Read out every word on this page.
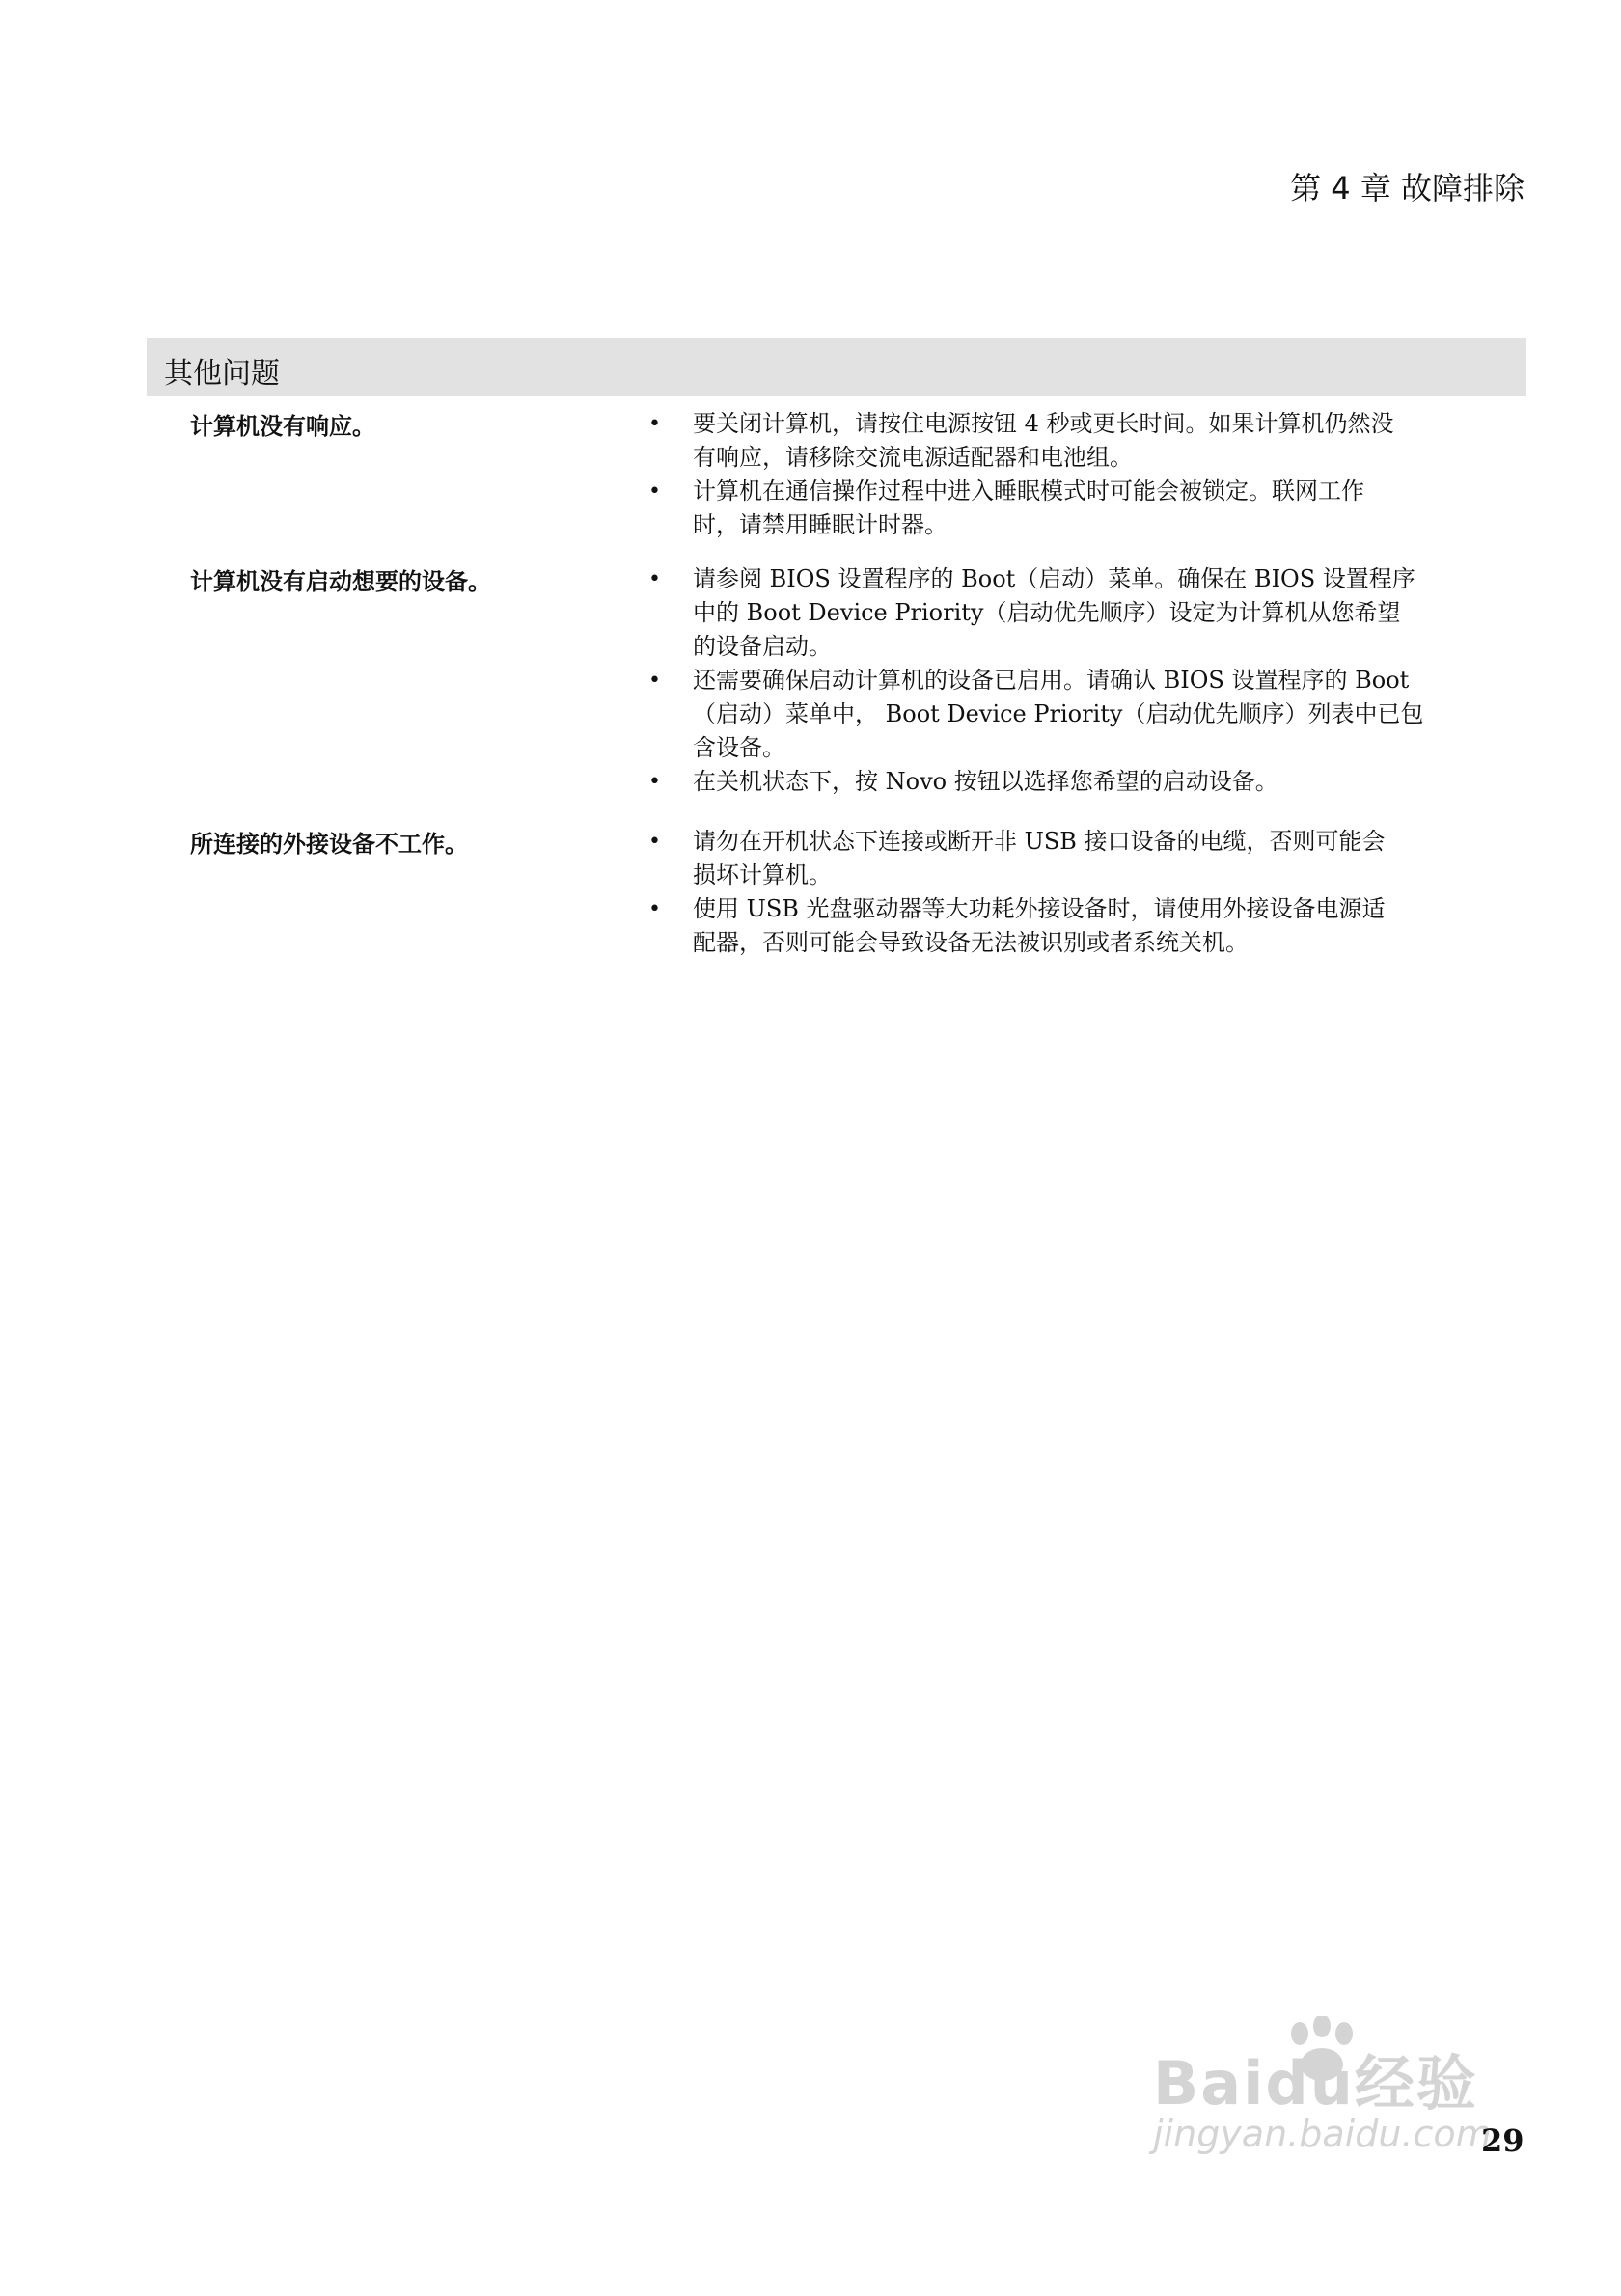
第 4 章 故障排除
其他问题
计算机没有响应。	• 要关闭计算机，请按住电源按钮 4 秒或更长时间。如果计算机仍然没
有响应，请移除交流电源适配器和电池组。
• 计算机在通信操作过程中进入睡眠模式时可能会被锁定。联网工作
时，请禁用睡眠计时器。
计算机没有启动想要的设备。	• 请参阅 BIOS 设置程序的 Boot（启动）菜单。确保在 BIOS 设置程序
中的 Boot Device Priority（启动优先顺序）设定为计算机从您希望
的设备启动。
• 还需要确保启动计算机的设备已启用。请确认 BIOS 设置程序的 Boot
（启动）菜单中， Boot Device Priority（启动优先顺序）列表中已包
含设备。
• 在关机状态下，按 Novo 按钮以选择您希望的启动设备。
所连接的外接设备不工作。	• 请勿在开机状态下连接或断开非 USB 接口设备的电缆，否则可能会
损坏计算机。
• 使用 USB 光盘驱动器等大功耗外接设备时，请使用外接设备电源适
配器，否则可能会导致设备无法被识别或者系统关机。
Baidu经验
jingyan.baidu.com
29
